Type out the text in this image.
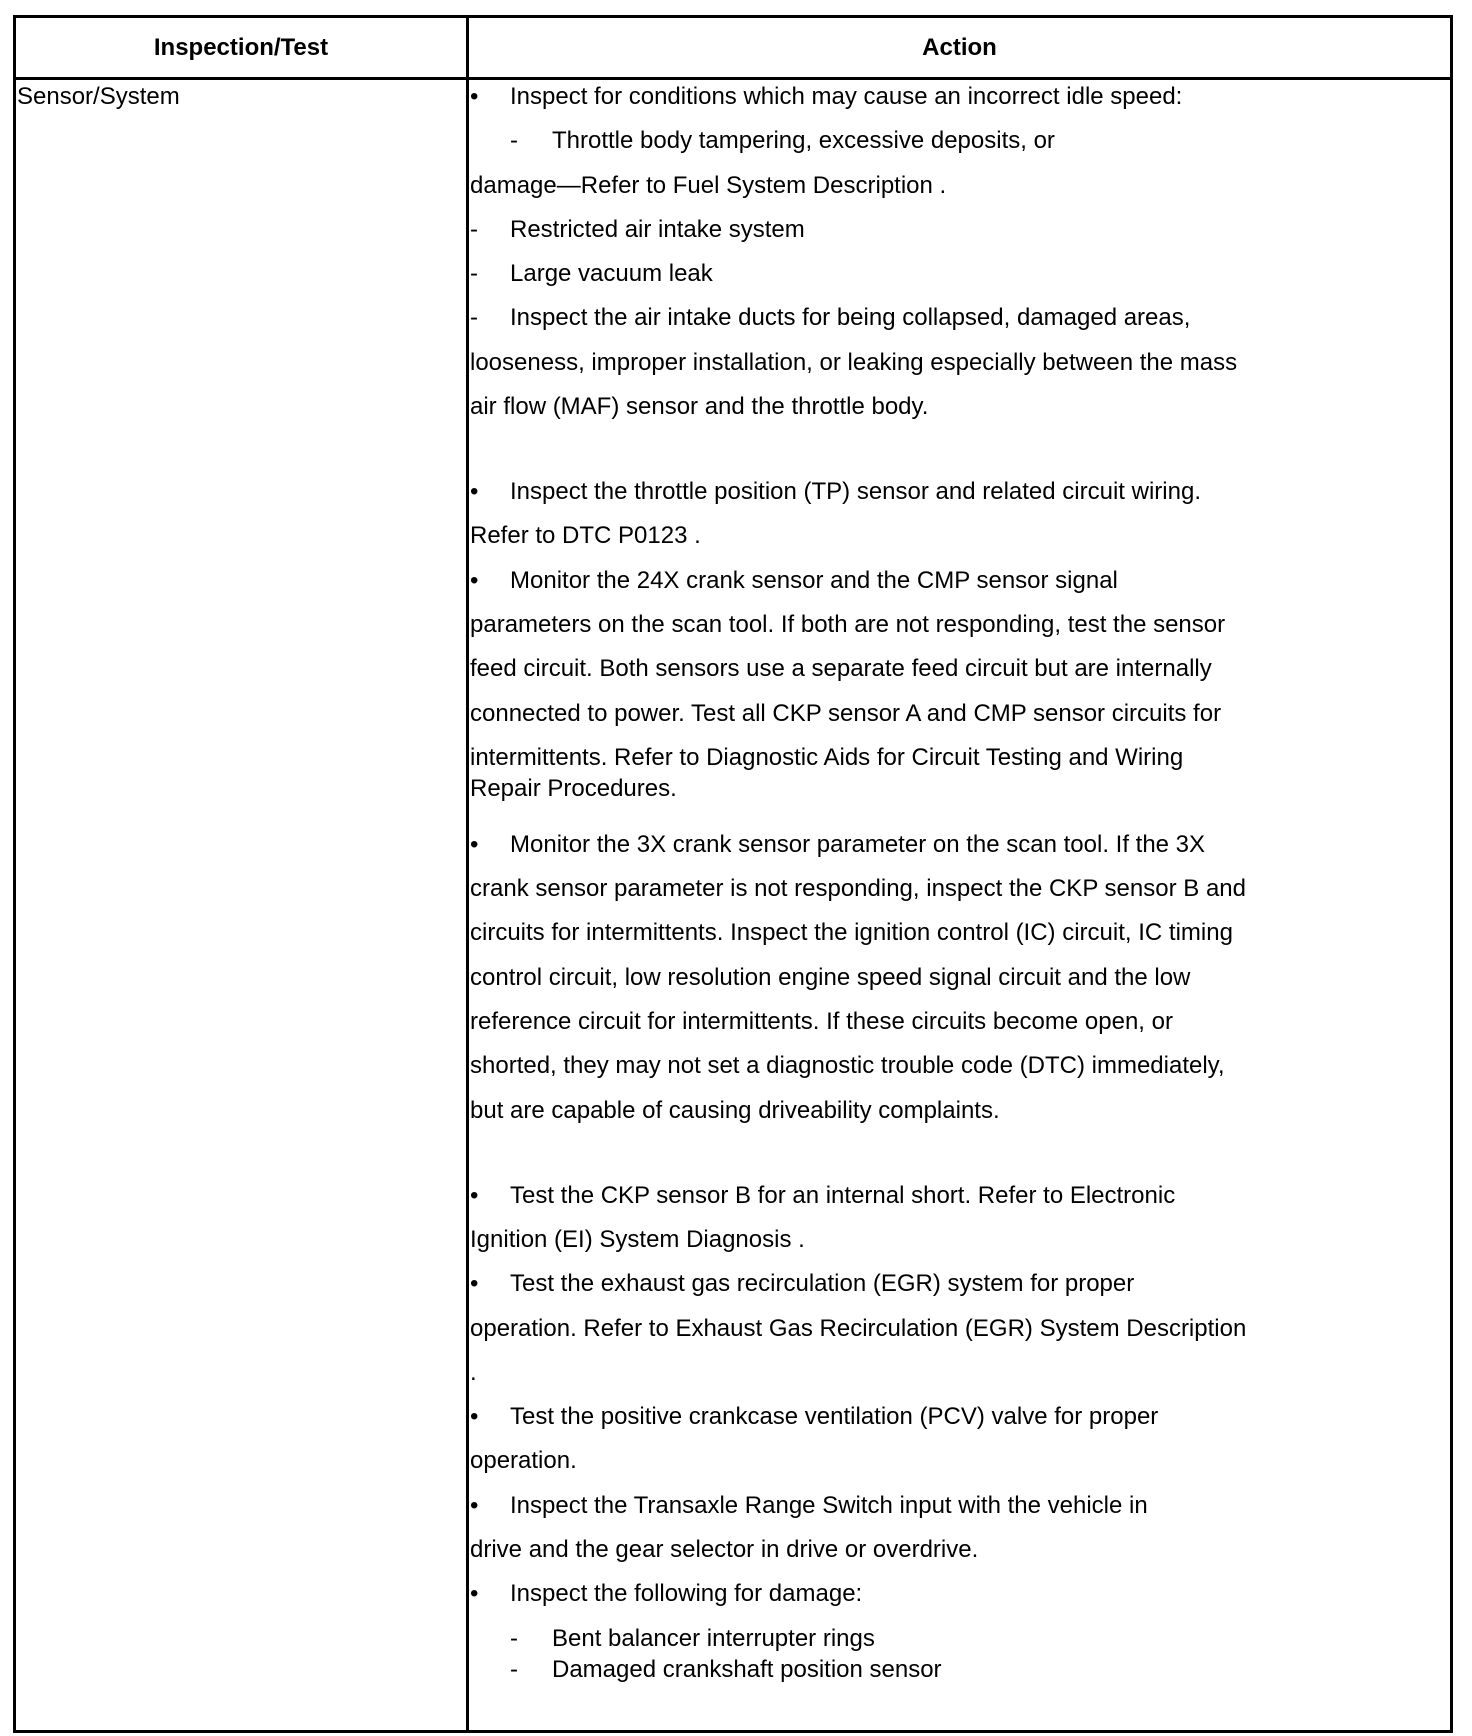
Inspection/Test	Action
Sensor/System	• Inspect for conditions which may cause an incorrect idle speed:
- Throttle body tampering, excessive deposits, or
damage—Refer to Fuel System Description .
- Restricted air intake system
- Large vacuum leak
- Inspect the air intake ducts for being collapsed, damaged areas,
looseness, improper installation, or leaking especially between the mass
air flow (MAF) sensor and the throttle body.
• Inspect the throttle position (TP) sensor and related circuit wiring.
Refer to DTC P0123 .
• Monitor the 24X crank sensor and the CMP sensor signal
parameters on the scan tool. If both are not responding, test the sensor
feed circuit. Both sensors use a separate feed circuit but are internally
connected to power. Test all CKP sensor A and CMP sensor circuits for
intermittents. Refer to Diagnostic Aids for Circuit Testing and Wiring
Repair Procedures.
• Monitor the 3X crank sensor parameter on the scan tool. If the 3X
crank sensor parameter is not responding, inspect the CKP sensor B and
circuits for intermittents. Inspect the ignition control (IC) circuit, IC timing
control circuit, low resolution engine speed signal circuit and the low
reference circuit for intermittents. If these circuits become open, or
shorted, they may not set a diagnostic trouble code (DTC) immediately,
but are capable of causing driveability complaints.
• Test the CKP sensor B for an internal short. Refer to Electronic
Ignition (EI) System Diagnosis .
• Test the exhaust gas recirculation (EGR) system for proper
operation. Refer to Exhaust Gas Recirculation (EGR) System Description
.
• Test the positive crankcase ventilation (PCV) valve for proper
operation.
• Inspect the Transaxle Range Switch input with the vehicle in
drive and the gear selector in drive or overdrive.
• Inspect the following for damage:
- Bent balancer interrupter rings
- Damaged crankshaft position sensor
